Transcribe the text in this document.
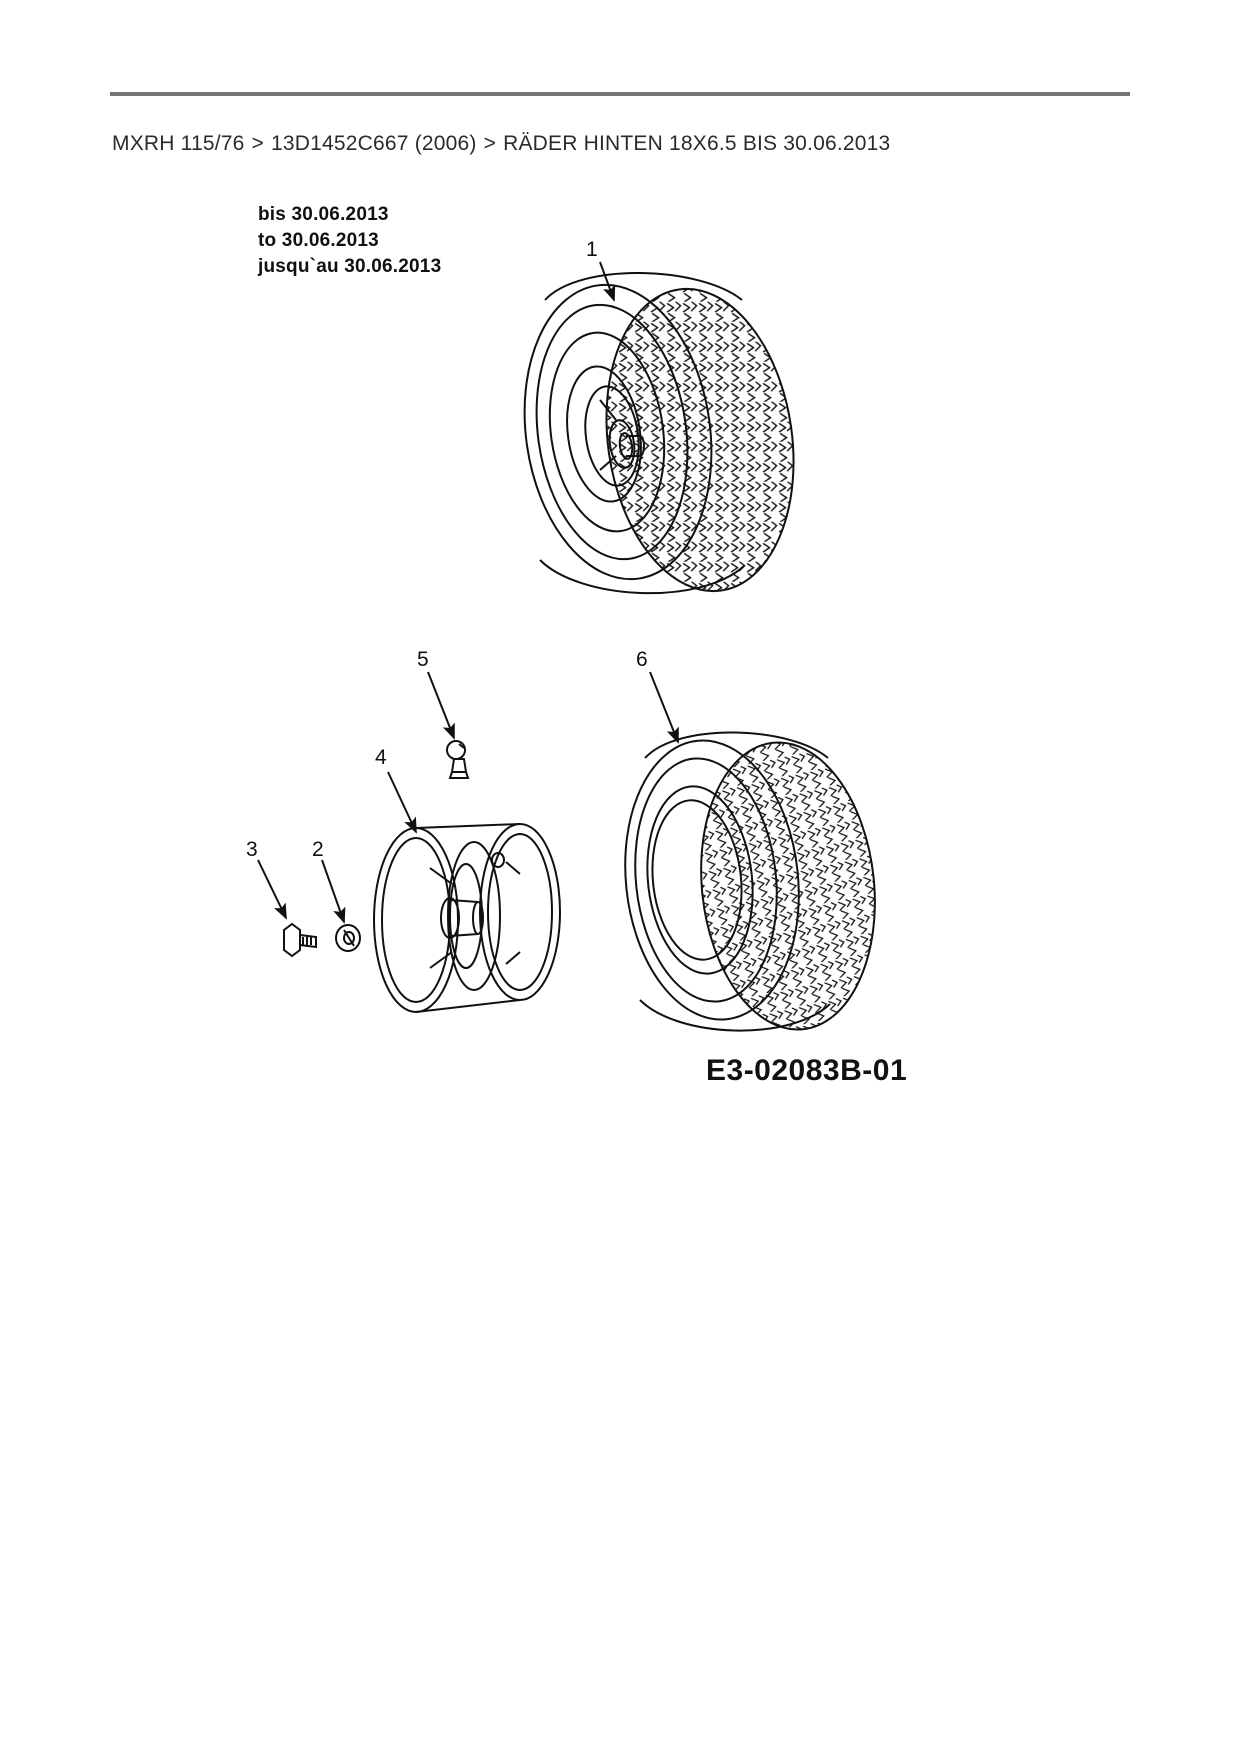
MXRH 115/76 > 13D1452C667 (2006) > RÄDER HINTEN 18X6.5 BIS 30.06.2013
bis 30.06.2013
to 30.06.2013
jusqu`au 30.06.2013
1
2
3
4
5	6
E3-02083B-01
